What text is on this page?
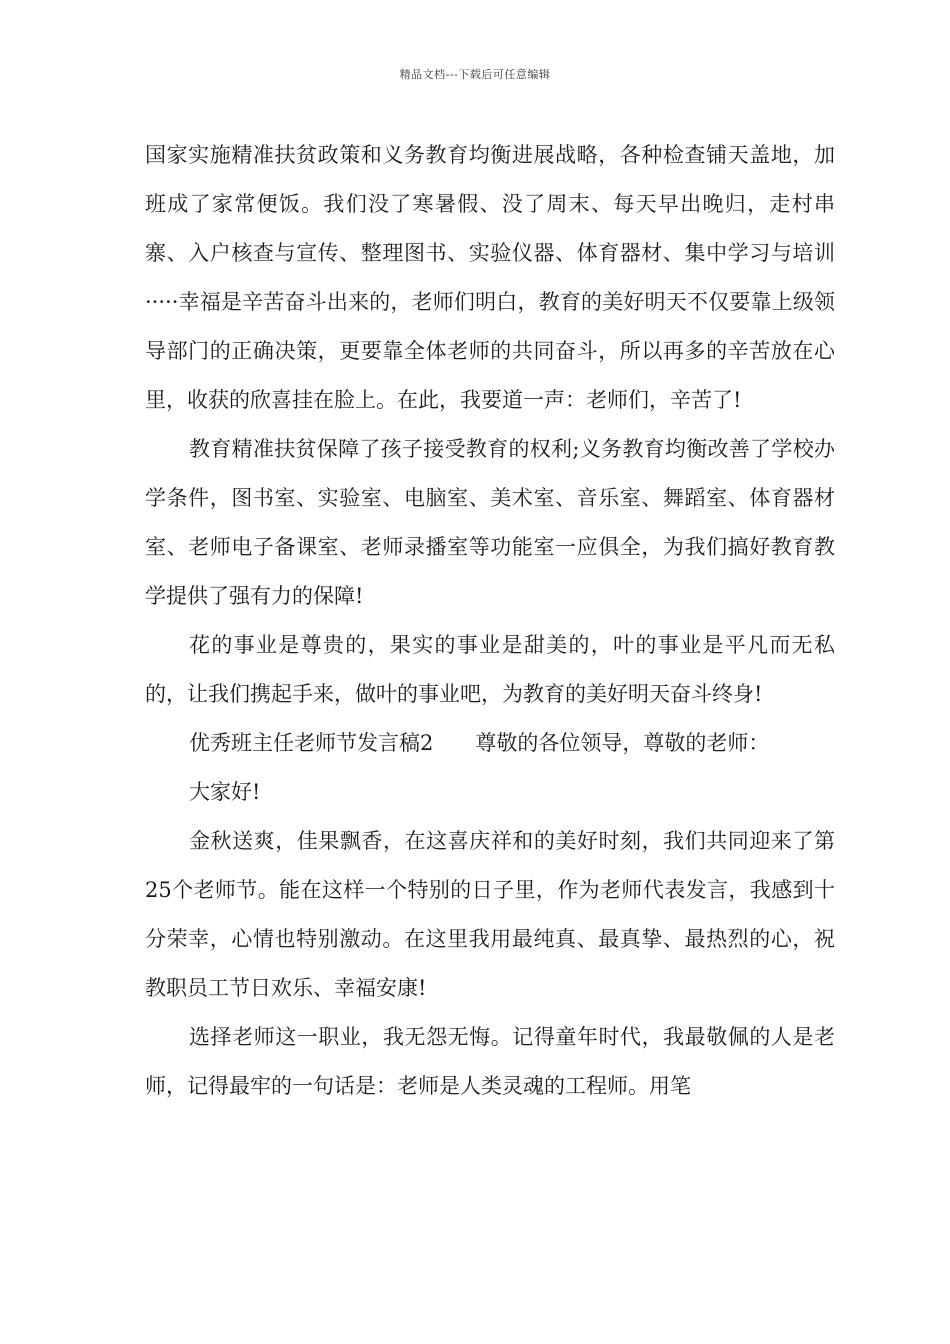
精品文档---下载后可任意编辑

国家实施精准扶贫政策和义务教育均衡进展战略，各种检查铺天盖地，加班成了家常便饭。我们没了寒暑假、没了周末、每天早出晚归，走村串寨、入户核查与宣传、整理图书、实验仪器、体育器材、集中学习与培训·····幸福是辛苦奋斗出来的，老师们明白，教育的美好明天不仅要靠上级领导部门的正确决策，更要靠全体老师的共同奋斗，所以再多的辛苦放在心里，收获的欣喜挂在脸上。在此，我要道一声：老师们，辛苦了!

教育精准扶贫保障了孩子接受教育的权利;义务教育均衡改善了学校办学条件，图书室、实验室、电脑室、美术室、音乐室、舞蹈室、体育器材室、老师电子备课室、老师录播室等功能室一应俱全，为我们搞好教育教学提供了强有力的保障!

花的事业是尊贵的，果实的事业是甜美的，叶的事业是平凡而无私的，让我们携起手来，做叶的事业吧，为教育的美好明天奋斗终身!

优秀班主任老师节发言稿2　　尊敬的各位领导，尊敬的老师：

大家好!

金秋送爽，佳果飘香，在这喜庆祥和的美好时刻，我们共同迎来了第25个老师节。能在这样一个特别的日子里，作为老师代表发言，我感到十分荣幸，心情也特别激动。在这里我用最纯真、最真挚、最热烈的心，祝教职员工节日欢乐、幸福安康!

选择老师这一职业，我无怨无悔。记得童年时代，我最敬佩的人是老师，记得最牢的一句话是：老师是人类灵魂的工程师。用笔
